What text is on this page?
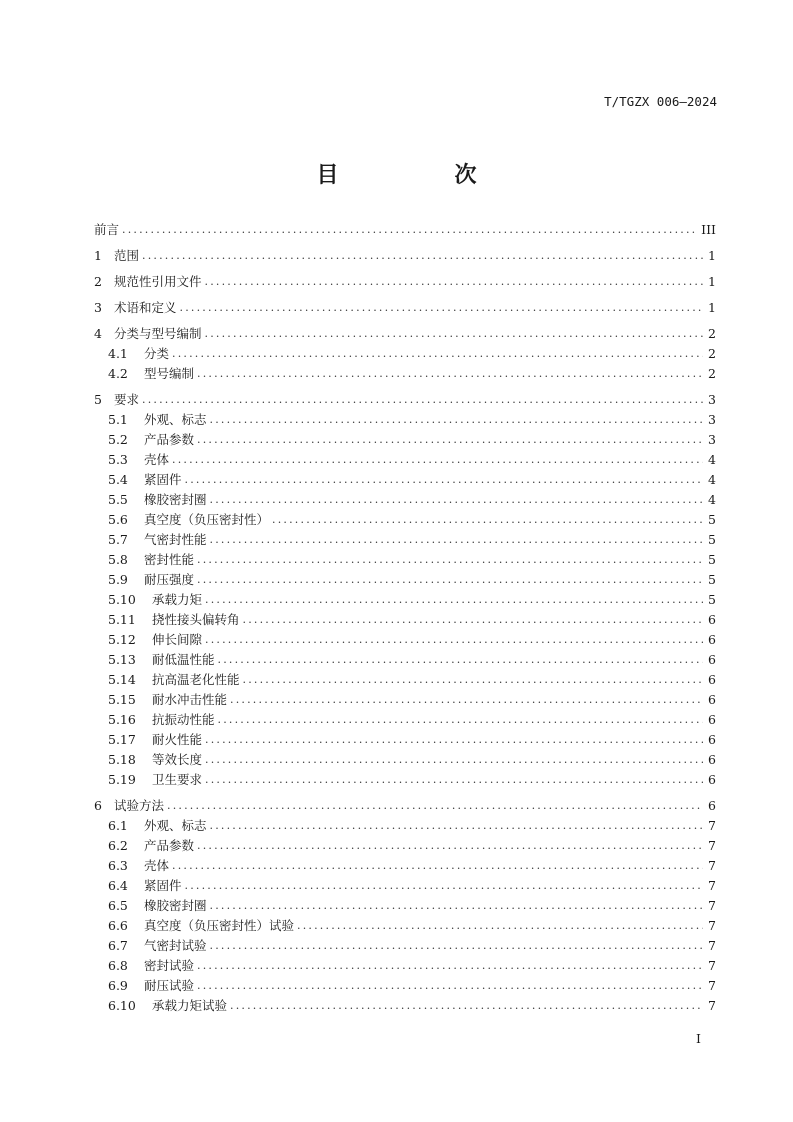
T/TGZX 006—2024
目　　次
前言 .....	III
1 范围 .....	1
2 规范性引用文件 .....	1
3 术语和定义 .....	1
4 分类与型号编制 .....	2
4.1	分类 .....	2
4.2	型号编制 .....	2
5 要求 .....	3
5.1	外观、标志 .....	3
5.2	产品参数 .....	3
5.3	壳体 .....	4
5.4	紧固件 .....	4
5.5	橡胶密封圈 .....	4
5.6	真空度（负压密封性） .....	5
5.7	气密封性能 .....	5
5.8	密封性能 .....	5
5.9	耐压强度 .....	5
5.10	承载力矩 .....	5
5.11	挠性接头偏转角 .....	6
5.12	伸长间隙 .....	6
5.13	耐低温性能 .....	6
5.14	抗高温老化性能 .....	6
5.15	耐水冲击性能 .....	6
5.16	抗振动性能 .....	6
5.17	耐火性能 .....	6
5.18	等效长度 .....	6
5.19	卫生要求 .....	6
6 试验方法 .....	6
6.1	外观、标志 .....	7
6.2	产品参数 .....	7
6.3	壳体 .....	7
6.4	紧固件 .....	7
6.5	橡胶密封圈 .....	7
6.6	真空度（负压密封性）试验 .....	7
6.7	气密封试验 .....	7
6.8	密封试验 .....	7
6.9	耐压试验 .....	7
6.10	承载力矩试验 .....	7
I
